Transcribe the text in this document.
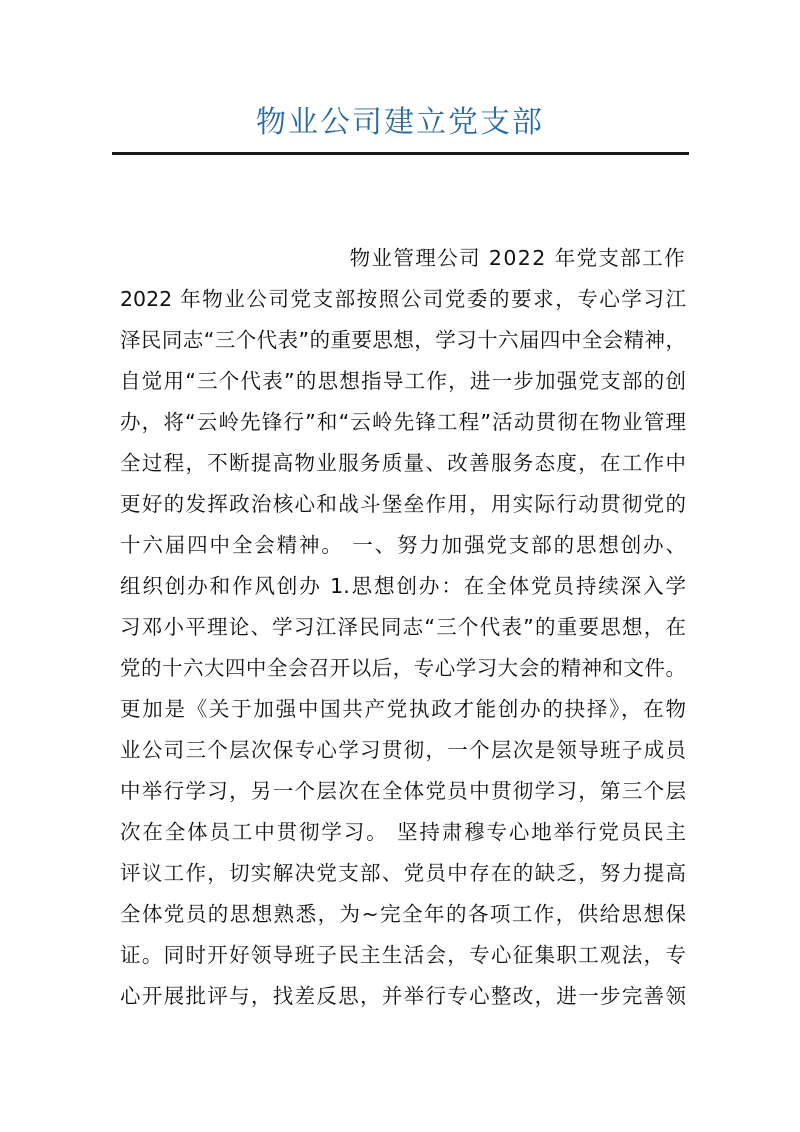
物业公司建立党支部
物业管理公司 2022 年党支部工作
2022 年物业公司党支部按照公司党委的要求，专心学习江
泽民同志“三个代表”的重要思想，学习十六届四中全会精神，
自觉用“三个代表”的思想指导工作，进一步加强党支部的创
办，将“云岭先锋行”和“云岭先锋工程”活动贯彻在物业管理
全过程，不断提高物业服务质量、改善服务态度，在工作中
更好的发挥政治核心和战斗堡垒作用，用实际行动贯彻党的
十六届四中全会精神。 一、努力加强党支部的思想创办、
组织创办和作风创办 1.思想创办：在全体党员持续深入学
习邓小平理论、学习江泽民同志“三个代表”的重要思想，在
党的十六大四中全会召开以后，专心学习大会的精神和文件。
更加是《关于加强中国共产党执政才能创办的抉择》，在物
业公司三个层次保专心学习贯彻，一个层次是领导班子成员
中举行学习，另一个层次在全体党员中贯彻学习，第三个层
次在全体员工中贯彻学习。 坚持肃穆专心地举行党员民主
评议工作，切实解决党支部、党员中存在的缺乏，努力提高
全体党员的思想熟悉，为~完全年的各项工作，供给思想保
证。同时开好领导班子民主生活会，专心征集职工观法，专
心开展批评与，找差反思，并举行专心整改，进一步完善领
